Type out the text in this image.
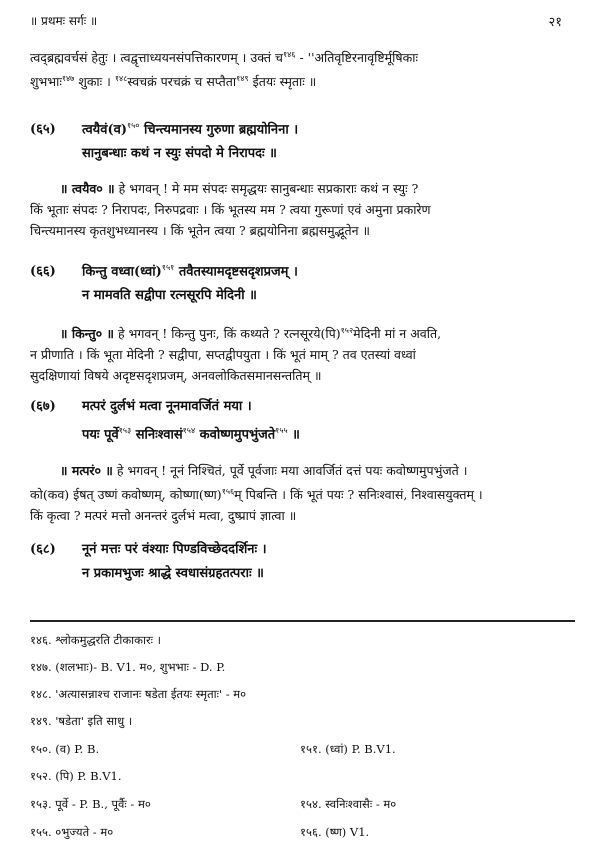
॥ प्रथमः सर्गः ॥	२१
त्वद्ब्रह्मवर्चसं हेतुः । त्वद्वृत्ताध्ययनसंपत्तिकारणम् । उक्तं च$^{१४६}$ - ''अतिवृष्टिरनावृष्टिर्मूषिकाः
शुभभाः$^{१४७}$ शुकाः । $^{१४८}$स्वचक्रं परचक्रं च सप्तैता$^{१४९}$ ईतयः स्मृताः ॥
(६५) त्वयैवं(व)$^{१५०}$ चिन्त्यमानस्य गुरुणा ब्रह्मयोनिना ।
सानुबन्धाः कथं न स्युः संपदो मे निरापदः ॥
॥ त्वयैव० ॥ हे भगवन् ! मे मम संपदः समृद्धयः सानुबन्धाः सप्रकाराः कथं न स्युः ?
किं भूताः संपदः ? निरापदः, निरुपद्रवाः । किं भूतस्य मम ? त्वया गुरूणां एवं अमुना प्रकारेण
चिन्त्यमानस्य कृतशुभध्यानस्य । किं भूतेन त्वया ? ब्रह्मयोनिना ब्रह्मसमुद्भूतेन ॥
(६६) किन्तु वध्वा(ध्वां)$^{१५१}$ तवैतस्यामदृष्टसदृशप्रजम् ।
न मामवति सद्वीपा रत्नसूरपि मेदिनी ॥
॥ किन्तु० ॥ हे भगवन् ! किन्तु पुनः, किं कथ्यते ? रत्नसूरये(पि)$^{१५२}$मेदिनी मां न अवति,
न प्रीणाति । किं भूता मेदिनी ? सद्वीपा, सप्तद्वीपयुता । किं भूतं माम् ? तव एतस्यां वध्वां
सुदक्षिणायां विषये अदृष्टसदृशप्रजम्, अनवलोकितसमानसन्ततिम् ॥
(६७) मत्परं दुर्लभं मत्वा नूनमावर्जितं मया ।
पयः पूर्वे$^{१५३}$ सनिःश्वासं$^{१५४}$ कवोष्णमुपभुंजते$^{१५५}$ ॥
॥ मत्परं० ॥ हे भगवन् ! नूनं निश्चितं, पूर्वे पूर्वजाः मया आवर्जितं दत्तं पयः कवोष्णमुपभुंजते ।
को(कव) ईषत् उष्णं कवोष्णम्, कोष्णा(ष्ण)$^{१५६}$म् पिबन्ति । किं भूतं पयः ? सनिःश्वासं, निश्वासयुक्तम् ।
किं कृत्वा ? मत्परं मत्तो अनन्तरं दुर्लभं मत्वा, दुष्प्रापं ज्ञात्वा ॥
(६८) नूनं मत्तः परं वंश्याः पिण्डविच्छेददर्शिनः ।
न प्रकामभुजः श्राद्धे स्वधासंग्रहतत्पराः ॥
१४६. श्लोकमुद्धरति टीकाकारः ।
१४७. (शलभाः)- B. V1. म०, शुभभाः - D. P.
१४८. 'अत्यासन्नाश्च राजानः षडेता ईतयः स्मृताः' - म०
१४९. 'षडेता' इति साधु ।
१५०. (व) P. B.	१५१. (ध्वां) P. B.V1.
१५२. (पि) P. B.V1.
१५३. पूर्वे - P. B., पूर्वैः - म०	१५४. स्वनिःश्वासैः - म०
१५५. ०भुज्यते - म०	१५६. (ष्ण) V1.
